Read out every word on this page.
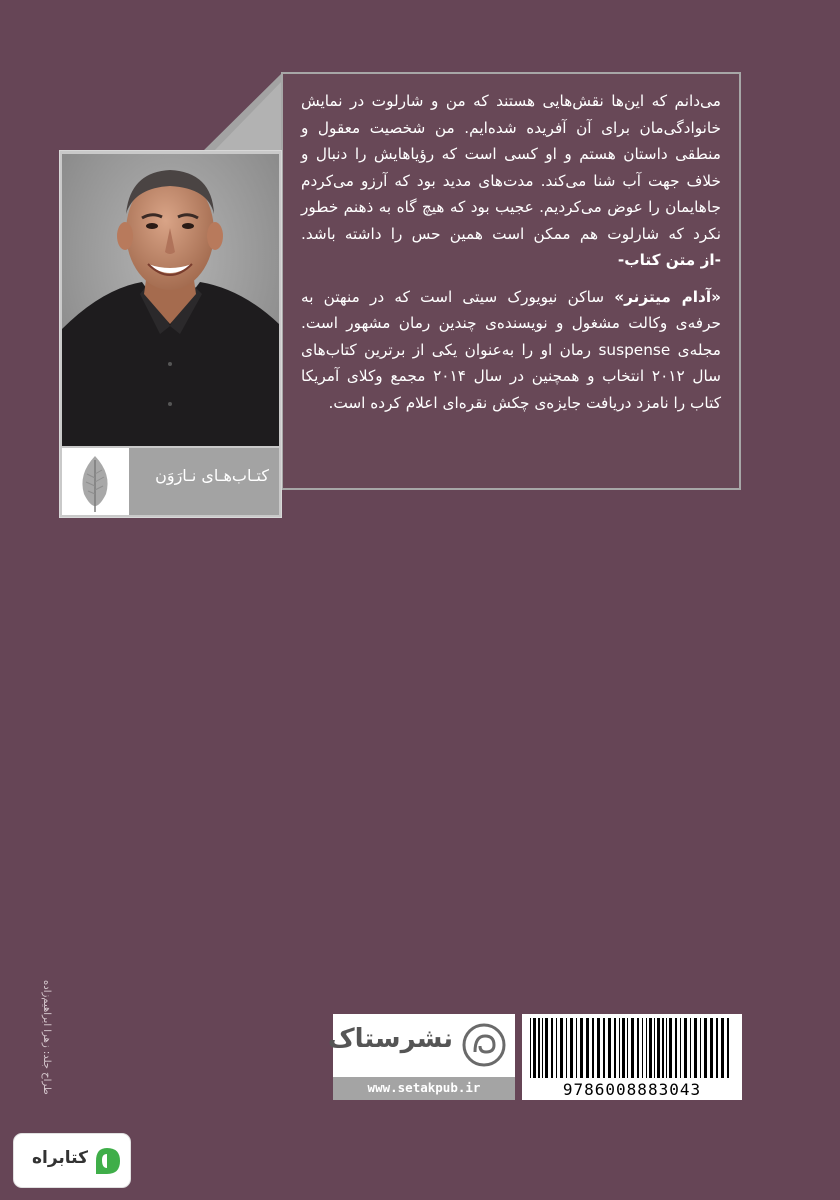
می‌دانم که این‌ها نقش‌هایی هستند که من و شارلوت در نمایش خانوادگی‌مان برای آن آفریده شده‌ایم. من شخصیت معقول و منطقی داستان هستم و او کسی است که رؤیاهایش را دنبال و خلاف جهت آب شنا می‌کند. مدت‌های مدید بود که آرزو می‌کردم جاهایمان را عوض می‌کردیم. عجیب بود که هیچ گاه به ذهنم خطور نکرد که شارلوت هم ممکن است همین حس را داشته باشد. -از متن کتاب-

«آدام میتزنر» ساکن نیویورک سیتی است که در منهتن به حرفه‌ی وکالت مشغول و نویسنده‌ی چندین رمان مشهور است. مجله‌ی suspense رمان او را به‌عنوان یکی از برترین کتاب‌های سال ۲۰۱۲ انتخاب و همچنین در سال ۲۰۱۴ مجمع وکلای آمریکا کتاب را نامزد دریافت جایزه‌ی چکش نقره‌ای اعلام کرده است.

کتـاب‌هـای نـارَوَن
طراح جلد: زهرا ابراهیم‌زاده	نشرستاک
www.setakpub.ir	9786008883043
کتابراه
